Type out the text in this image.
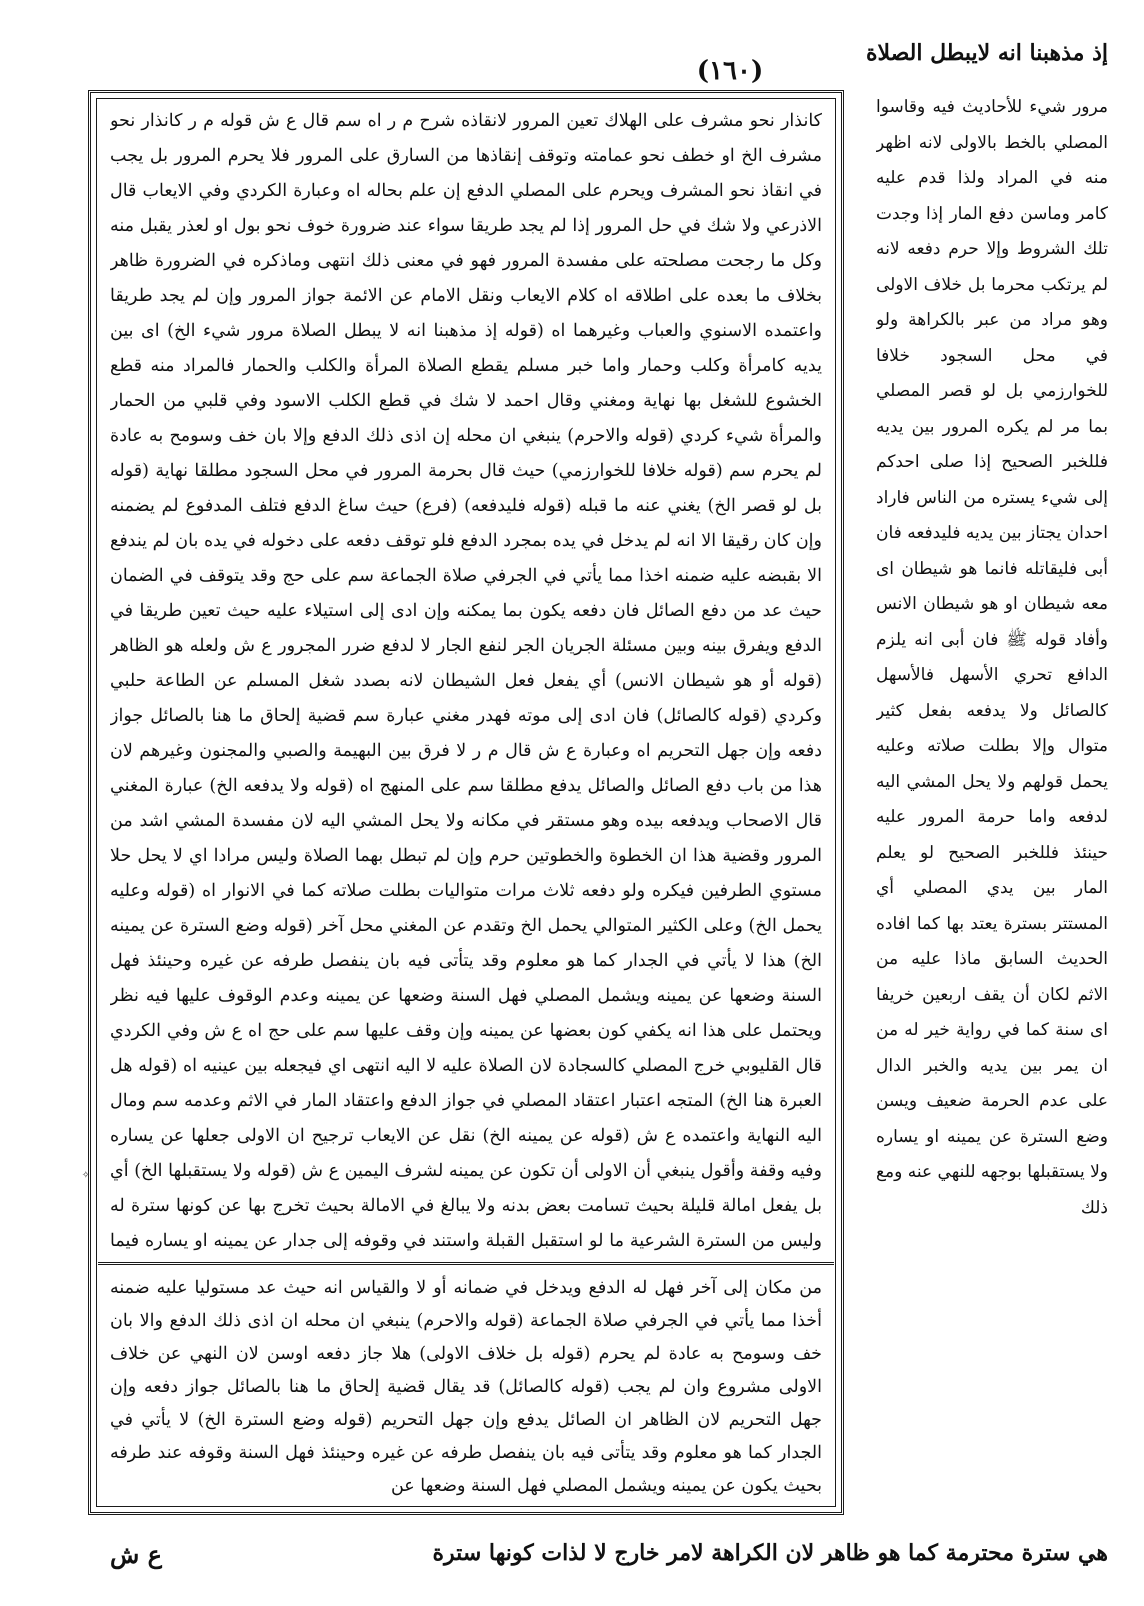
إذ مذهبنا انه لايبطل الصلاة
(١٦٠)

مرور شيء للأحاديث فيه وقاسوا المصلي بالخط بالاولى لانه اظهر منه في المراد ولذا قدم عليه كامر وماسن دفع المار إذا وجدت تلك الشروط وإلا حرم دفعه لانه لم يرتكب محرما بل خلاف الاولى وهو مراد من عبر بالكراهة ولو في محل السجود خلافا للخوارزمي بل لو قصر المصلي بما مر لم يكره المرور بين يديه فللخبر الصحيح إذا صلى احدكم إلى شيء يستره من الناس فاراد احدان يجتاز بين يديه فليدفعه فان أبى فليقاتله فانما هو شيطان اى معه شيطان او هو شيطان الانس وأفاد قوله ﷺ فان أبى انه يلزم الدافع تحري الأسهل فالأسهل كالصائل ولا يدفعه بفعل كثير متوال وإلا بطلت صلاته وعليه يحمل قولهم ولا يحل المشي اليه لدفعه واما حرمة المرور عليه حينئذ فللخبر الصحيح لو يعلم المار بين يدي المصلي أي المستتر بسترة يعتد بها كما افاده الحديث السابق ماذا عليه من الاثم لكان أن يقف اربعين خريفا اى سنة كما في رواية خير له من ان يمر بين يديه والخبر الدال على عدم الحرمة ضعيف ويسن وضع السترة عن يمينه او يساره ولا يستقبلها بوجهه للنهي عنه ومع ذلك

كانذار نحو مشرف على الهلاك تعين المرور لانقاذه شرح م ر اه سم قال ع ش قوله م ر كانذار نحو مشرف الخ او خطف نحو عمامته وتوقف إنقاذها من السارق على المرور فلا يحرم المرور بل يجب في انقاذ نحو المشرف ويحرم على المصلي الدفع إن علم بحاله اه وعبارة الكردي وفي الايعاب قال الاذرعي ولا شك في حل المرور إذا لم يجد طريقا سواء عند ضرورة خوف نحو بول او لعذر يقبل منه وكل ما رجحت مصلحته على مفسدة المرور فهو في معنى ذلك انتهى وماذكره في الضرورة ظاهر بخلاف ما بعده على اطلاقه اه كلام الايعاب ونقل الامام عن الائمة جواز المرور وإن لم يجد طريقا واعتمده الاسنوي والعباب وغيرهما اه (قوله إذ مذهبنا انه لا يبطل الصلاة مرور شيء الخ) اى بين يديه كامرأة وكلب وحمار واما خبر مسلم يقطع الصلاة المرأة والكلب والحمار فالمراد منه قطع الخشوع للشغل بها نهاية ومغني وقال احمد لا شك في قطع الكلب الاسود وفي قلبي من الحمار والمرأة شيء كردي (قوله والاحرم) ينبغي ان محله إن اذى ذلك الدفع وإلا بان خف وسومح به عادة لم يحرم سم (قوله خلافا للخوارزمي) حيث قال بحرمة المرور في محل السجود مطلقا نهاية (قوله بل لو قصر الخ) يغني عنه ما قبله (قوله فليدفعه) (فرع) حيث ساغ الدفع فتلف المدفوع لم يضمنه وإن كان رقيقا الا انه لم يدخل في يده بمجرد الدفع فلو توقف دفعه على دخوله في يده بان لم يندفع الا بقبضه عليه ضمنه اخذا مما يأتي في الجرفي صلاة الجماعة سم على حج وقد يتوقف في الضمان حيث عد من دفع الصائل فان دفعه يكون بما يمكنه وإن ادى إلى استيلاء عليه حيث تعين طريقا في الدفع ويفرق بينه وبين مسئلة الجريان الجر لنفع الجار لا لدفع ضرر المجرور ع ش ولعله هو الظاهر (قوله أو هو شيطان الانس) أي يفعل فعل الشيطان لانه بصدد شغل المسلم عن الطاعة حلبي وكردي (قوله كالصائل) فان ادى إلى موته فهدر مغني عبارة سم قضية إلحاق ما هنا بالصائل جواز دفعه وإن جهل التحريم اه وعبارة ع ش قال م ر لا فرق بين البهيمة والصبي والمجنون وغيرهم لان هذا من باب دفع الصائل والصائل يدفع مطلقا سم على المنهج اه (قوله ولا يدفعه الخ) عبارة المغني قال الاصحاب ويدفعه بيده وهو مستقر في مكانه ولا يحل المشي اليه لان مفسدة المشي اشد من المرور وقضية هذا ان الخطوة والخطوتين حرم وإن لم تبطل بهما الصلاة وليس مرادا اي لا يحل حلا مستوي الطرفين فيكره ولو دفعه ثلاث مرات متواليات بطلت صلاته كما في الانوار اه (قوله وعليه يحمل الخ) وعلى الكثير المتوالي يحمل الخ وتقدم عن المغني محل آخر (قوله وضع السترة عن يمينه الخ) هذا لا يأتي في الجدار كما هو معلوم وقد يتأتى فيه بان ينفصل طرفه عن غيره وحينئذ فهل السنة وضعها عن يمينه ويشمل المصلي فهل السنة وضعها عن يمينه وعدم الوقوف عليها فيه نظر ويحتمل على هذا انه يكفي كون بعضها عن يمينه وإن وقف عليها سم على حج اه ع ش وفي الكردي قال القليوبي خرج المصلي كالسجادة لان الصلاة عليه لا اليه انتهى اي فيجعله بين عينيه اه (قوله هل العبرة هنا الخ) المتجه اعتبار اعتقاد المصلي في جواز الدفع واعتقاد المار في الاثم وعدمه سم ومال اليه النهاية واعتمده ع ش (قوله عن يمينه الخ) نقل عن الايعاب ترجيح ان الاولى جعلها عن يساره وفيه وقفة وأقول ينبغي أن الاولى أن تكون عن يمينه لشرف اليمين ع ش (قوله ولا يستقبلها الخ) أي بل يفعل امالة قليلة بحيث تسامت بعض بدنه ولا يبالغ في الامالة بحيث تخرج بها عن كونها سترة له وليس من السترة الشرعية ما لو استقبل القبلة واستند في وقوفه إلى جدار عن يمينه او يساره فيما

من مكان إلى آخر فهل له الدفع ويدخل في ضمانه أو لا والقياس انه حيث عد مستوليا عليه ضمنه أخذا مما يأتي في الجرفي صلاة الجماعة (قوله والاحرم) ينبغي ان محله ان اذى ذلك الدفع والا بان خف وسومح به عادة لم يحرم (قوله بل خلاف الاولى) هلا جاز دفعه اوسن لان النهي عن خلاف الاولى مشروع وان لم يجب (قوله كالصائل) قد يقال قضية إلحاق ما هنا بالصائل جواز دفعه وإن جهل التحريم لان الظاهر ان الصائل يدفع وإن جهل التحريم (قوله وضع السترة الخ) لا يأتي في الجدار كما هو معلوم وقد يتأتى فيه بان ينفصل طرفه عن غيره وحينئذ فهل السنة وقوفه عند طرفه بحيث يكون عن يمينه ويشمل المصلي فهل السنة وضعها عن

✧
هي سترة محترمة كما هو ظاهر لان الكراهة لامر خارج لا لذات كونها سترة
ع ش
